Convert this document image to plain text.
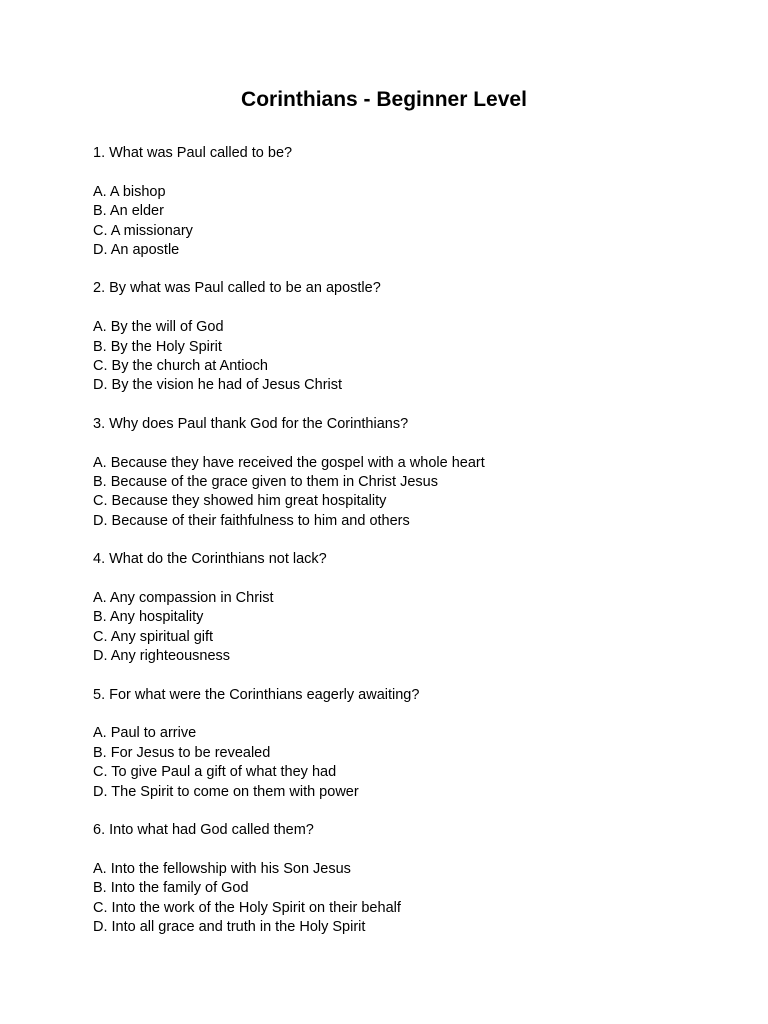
Corinthians - Beginner Level

1. What was Paul called to be?

A. A bishop

B. An elder

C. A missionary

D. An apostle

2. By what was Paul called to be an apostle?

A. By the will of God

B. By the Holy Spirit

C. By the church at Antioch

D. By the vision he had of Jesus Christ

3. Why does Paul thank God for the Corinthians?

A. Because they have received the gospel with a whole heart

B. Because of the grace given to them in Christ Jesus

C. Because they showed him great hospitality

D. Because of their faithfulness to him and others

4. What do the Corinthians not lack?

A. Any compassion in Christ

B. Any hospitality

C. Any spiritual gift

D. Any righteousness

5. For what were the Corinthians eagerly awaiting?

A. Paul to arrive

B. For Jesus to be revealed

C. To give Paul a gift of what they had

D. The Spirit to come on them with power

6. Into what had God called them?

A. Into the fellowship with his Son Jesus

B. Into the family of God

C. Into the work of the Holy Spirit on their behalf

D. Into all grace and truth in the Holy Spirit
